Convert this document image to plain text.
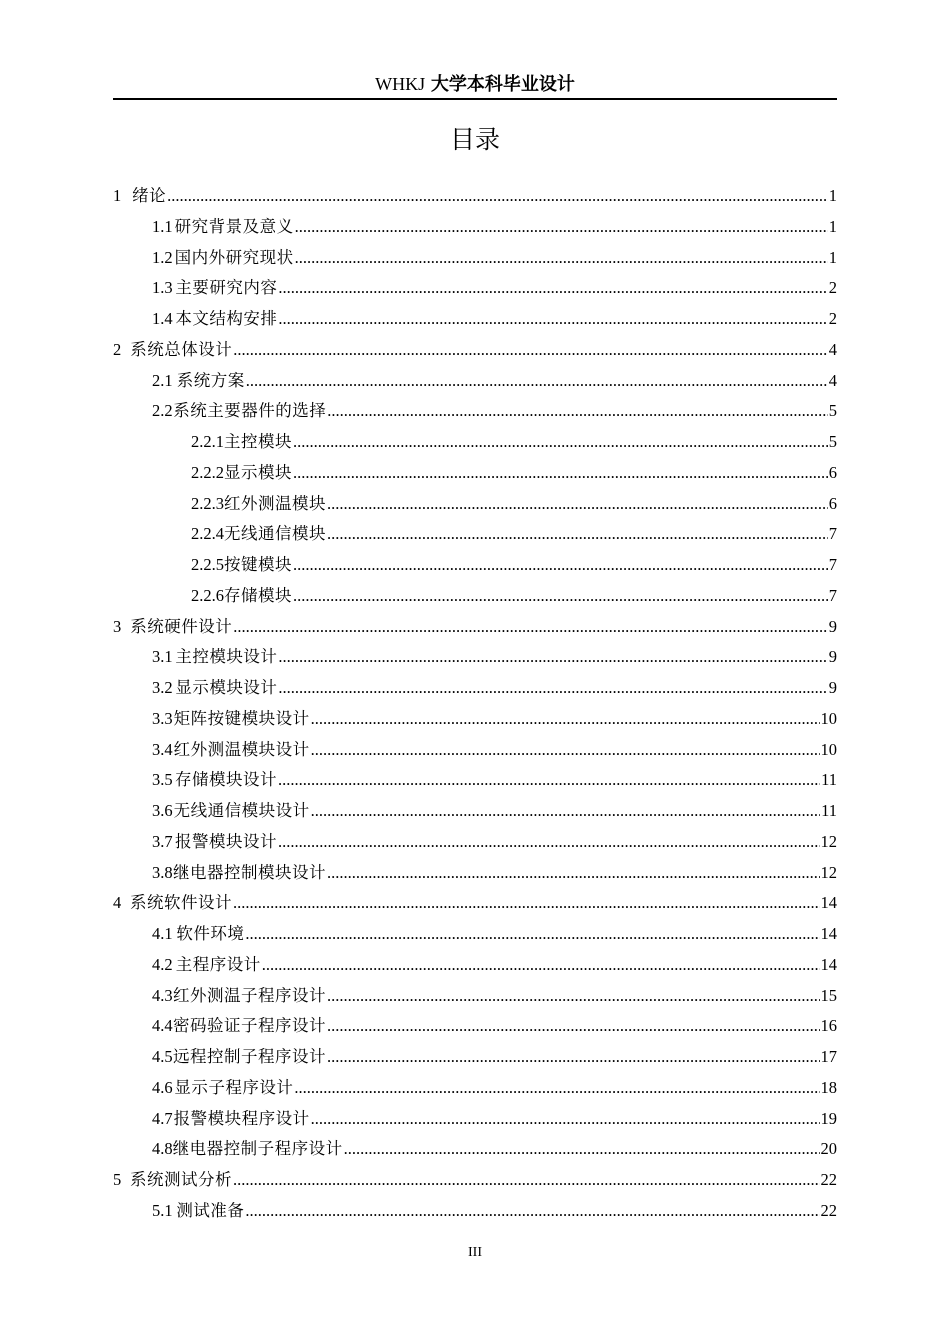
WHKJ 大学本科毕业设计
目录
1 绪论 .....	1
1.1 研究背景及意义 .....	1
1.2 国内外研究现状 .....	1
1.3 主要研究内容 .....	2
1.4 本文结构安排 .....	2
2 系统总体设计 .....	4
2.1 系统方案 .....	4
2.2 系统主要器件的选择 .....	5
2.2.1 主控模块 .....	5
2.2.2 显示模块 .....	6
2.2.3 红外测温模块 .....	6
2.2.4 无线通信模块 .....	7
2.2.5 按键模块 .....	7
2.2.6 存储模块 .....	7
3 系统硬件设计 .....	9
3.1 主控模块设计 .....	9
3.2 显示模块设计 .....	9
3.3 矩阵按键模块设计 .....	10
3.4 红外测温模块设计 .....	10
3.5 存储模块设计 .....	11
3.6 无线通信模块设计 .....	11
3.7 报警模块设计 .....	12
3.8 继电器控制模块设计 .....	12
4 系统软件设计 .....	14
4.1 软件环境 .....	14
4.2 主程序设计 .....	14
4.3 红外测温子程序设计 .....	15
4.4 密码验证子程序设计 .....	16
4.5 远程控制子程序设计 .....	17
4.6 显示子程序设计 .....	18
4.7 报警模块程序设计 .....	19
4.8 继电器控制子程序设计 .....	20
5 系统测试分析 .....	22
5.1 测试准备 .....	22
III
